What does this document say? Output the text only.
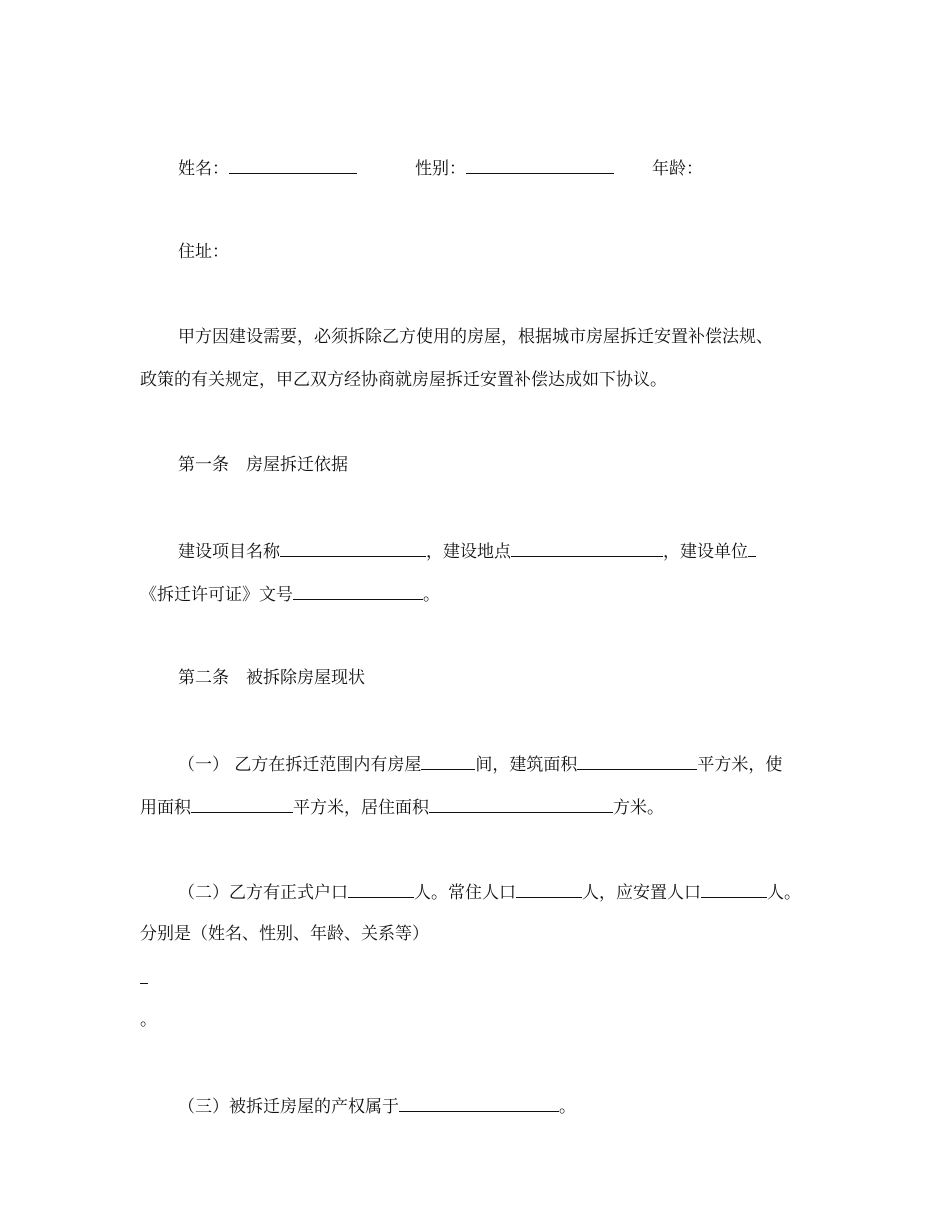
姓名：	性别：	年龄：
住址：
甲方因建设需要，必须拆除乙方使用的房屋，根据城市房屋拆迁安置补偿法规、
政策的有关规定，甲乙双方经协商就房屋拆迁安置补偿达成如下协议。
第一条　房屋拆迁依据
建设项目名称	，建设地点	，建设单位
《拆迁许可证》文号	。
第二条　被拆除房屋现状
（一） 乙方在拆迁范围内有房屋	间，建筑面积	平方米，使
用面积	平方米，居住面积	方米。
（二）乙方有正式户口	人。常住人口	人，应安置人口	人。
分别是（姓名、性别、年龄、关系等）
。
（三）被拆迁房屋的产权属于	。
